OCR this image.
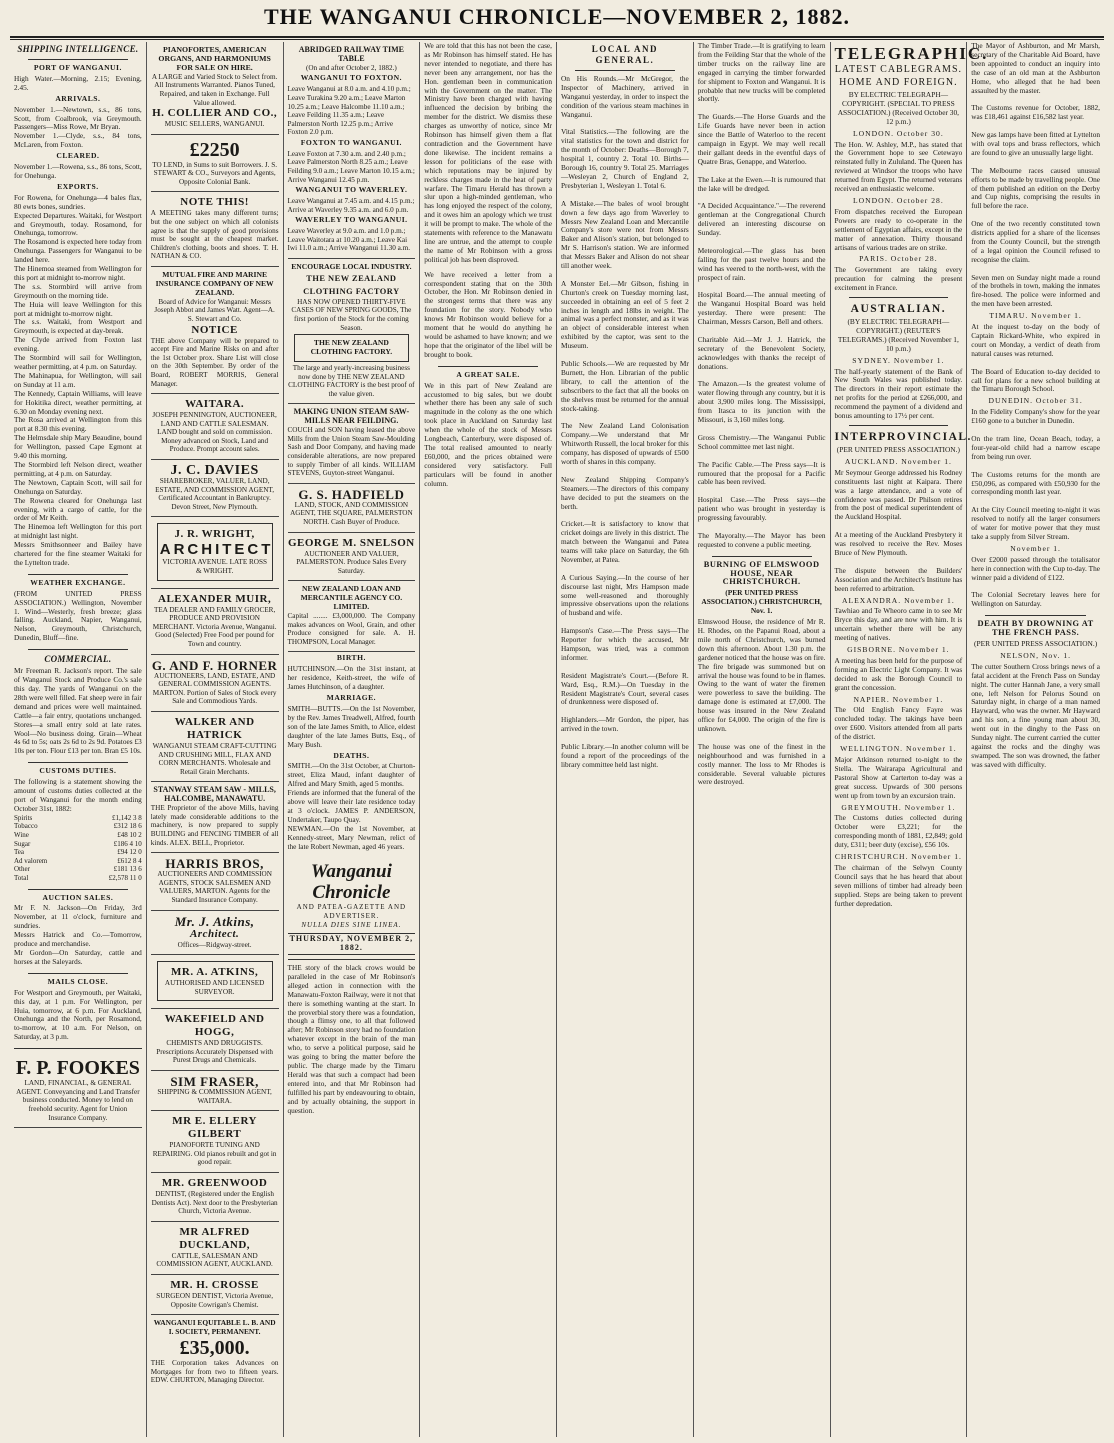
THE WANGANUI CHRONICLE—NOVEMBER 2, 1882.
SHIPPING INTELLIGENCE.
PORT OF WANGANUI.
High Water.—Morning, 2.15; Evening, 2.45.
ARRIVALS.
November 1.—Newtown, s.s., 86 tons, Scott, from Coalbrook, via Greymouth. Passengers—Miss Rowe, Mr Bryan.
November 1.—Clyde, s.s., 84 tons, McLaren, from Foxton.
CLEARED.
November 1.—Rowena, s.s., 86 tons, Scott, for Onehunga.
EXPORTS.
For Rowena, for Onehunga—4 bales flax, 80 ewts bones, sundries.
Expected Departures. Waitaki, for Westport and Greymouth, today. Rosamond, for Onehunga, tomorrow.
The Rosamond is expected here today from Onehunga. Passengers for Wanganui to be landed here.
The Hinemoa steamed from Wellington for this port at midnight to-morrow night.
The s.s. Stormbird will arrive from Greymouth on the morning tide.
The Huia will leave Wellington for this port at midnight to-morrow night.
The s.s. Waitaki, from Westport and Greymouth, is expected at day-break.
The Clyde arrived from Foxton last evening.
The Stormbird will sail for Wellington, weather permitting, at 4 p.m. on Saturday.
The Mahinapua, for Wellington, will sail on Sunday at 11 a.m.
The Kennedy, Captain Williams, will leave for Hokitika direct, weather permitting, at 6.30 on Monday evening next.
The Rosa arrived at Wellington from this port at 8.30 this evening.
The Helmsdale ship Mary Beaudine, bound for Wellington, passed Cape Egmont at 9.40 this morning.
The Stormbird left Nelson direct, weather permitting, at 4 p.m. on Saturday.
The Newtown, Captain Scott, will sail for Onehunga on Saturday.
The Rowena cleared for Onehunga last evening, with a cargo of cattle, for the order of Mr Keith.
The Hinemoa left Wellington for this port at midnight last night.
Messrs Smithsonneer and Bailey have chartered for the fine steamer Waitaki for the Lyttelton trade.
WEATHER EXCHANGE.
(FROM UNITED PRESS ASSOCIATION.) Wellington, November 1. Wind—Westerly, fresh breeze; glass falling. Auckland, Napier, Wanganui, Nelson, Greymouth, Christchurch, Dunedin, Bluff—fine.
COMMERCIAL.
Mr Freeman R. Jackson's report. The sale of Wanganui Stock and Produce Co.'s sale this day. The yards of Wanganui on the 28th were well filled. Fat sheep were in fair demand and prices were well maintained. Cattle—a fair entry, quotations unchanged. Stores—a small entry sold at late rates. Wool—No business doing. Grain—Wheat 4s 6d to 5s; oats 2s 6d to 2s 9d. Potatoes £3 10s per ton. Flour £13 per ton. Bran £5 10s.
CUSTOMS DUTIES.
The following is a statement showing the amount of customs duties collected at the port of Wanganui for the month ending October 31st, 1882:
Spirits	£1,142 3 8
Tobacco	£312 18 6
Wine	£48 10 2
Sugar	£186 4 10
Tea	£94 12 0
Ad valorem	£612 8 4
Other	£181 13 6
Total	£2,578 11 0
AUCTION SALES.
Mr F. N. Jackson—On Friday, 3rd November, at 11 o'clock, furniture and sundries.
Messrs Hatrick and Co.—Tomorrow, produce and merchandise.
Mr Gordon—On Saturday, cattle and horses at the Saleyards.
MAILS CLOSE.
For Westport and Greymouth, per Waitaki, this day, at 1 p.m. For Wellington, per Huia, tomorrow, at 6 p.m. For Auckland, Onehunga and the North, per Rosamond, to-morrow, at 10 a.m. For Nelson, on Saturday, at 3 p.m.
F. P. FOOKES
LAND, FINANCIAL, & GENERAL AGENT. Conveyancing and Land Transfer business conducted. Money to lend on freehold security. Agent for Union Insurance Company.
PIANOFORTES, AMERICAN ORGANS, AND HARMONIUMS FOR SALE ON HIRE.
A LARGE and Varied Stock to Select from. All Instruments Warranted. Pianos Tuned, Repaired, and taken in Exchange. Full Value allowed.
H. COLLIER AND CO.,
MUSIC SELLERS, WANGANUI.
£2250
TO LEND, in Sums to suit Borrowers. J. S. STEWART & CO., Surveyors and Agents, Opposite Colonial Bank.
NOTE THIS!
A MEETING takes many different turns; but the one subject on which all colonists agree is that the supply of good provisions must be sought at the cheapest market. Children's clothing, boots and shoes. T. H. NATHAN & CO.
MUTUAL FIRE AND MARINE INSURANCE COMPANY OF NEW ZEALAND.
Board of Advice for Wanganui: Messrs Joseph Abbot and James Watt. Agent—A. S. Stewart and Co.
NOTICE
THE above Company will be prepared to accept Fire and Marine Risks on and after the 1st October prox. Share List will close on the 30th September. By order of the Board, ROBERT MORRIS, General Manager.
WAITARA.
JOSEPH PENNINGTON, AUCTIONEER, LAND AND CATTLE SALESMAN. LAND bought and sold on commission. Money advanced on Stock, Land and Produce. Prompt account sales.
J. C. DAVIES
SHAREBROKER, VALUER, LAND, ESTATE, AND COMMISSION AGENT, Certificated Accountant in Bankruptcy. Devon Street, New Plymouth.
J. R. WRIGHT,
ARCHITECT
VICTORIA AVENUE. LATE ROSS & WRIGHT.
ALEXANDER MUIR,
TEA DEALER AND FAMILY GROCER, PRODUCE AND PROVISION MERCHANT. Victoria Avenue, Wanganui. Good (Selected) Free Food per pound for Town and country.
G. AND F. HORNER
AUCTIONEERS, LAND, ESTATE, AND GENERAL COMMISSION AGENTS. MARTON. Portion of Sales of Stock every Sale and Commodious Yards.
WALKER AND HATRICK
WANGANUI STEAM CRAFT-CUTTING AND CRUSHING MILL, FLAX AND CORN MERCHANTS. Wholesale and Retail Grain Merchants.
STANWAY STEAM SAW - MILLS, HALCOMBE, MANAWATU.
THE Proprietor of the above Mills, having lately made considerable additions to the machinery, is now prepared to supply BUILDING and FENCING TIMBER of all kinds. ALEX. BELL, Proprietor.
HARRIS BROS,
AUCTIONEERS AND COMMISSION AGENTS, STOCK SALESMEN AND VALUERS, MARTON. Agents for the Standard Insurance Company.
Mr. J. Atkins,
Architect.
Offices—Ridgway-street.
MR. A. ATKINS,
AUTHORISED AND LICENSED SURVEYOR.
WAKEFIELD AND HOGG,
CHEMISTS AND DRUGGISTS. Prescriptions Accurately Dispensed with Purest Drugs and Chemicals.
SIM FRASER,
SHIPPING & COMMISSION AGENT, WAITARA.
MR E. ELLERY GILBERT
PIANOFORTE TUNING AND REPAIRING. Old pianos rebuilt and got in good repair.
MR. GREENWOOD
DENTIST, (Registered under the English Dentists Act). Next door to the Presbyterian Church, Victoria Avenue.
MR ALFRED DUCKLAND,
CATTLE, SALESMAN AND COMMISSION AGENT, AUCKLAND.
MR. H. CROSSE
SURGEON DENTIST, Victoria Avenue, Opposite Cowrigan's Chemist.
WANGANUI EQUITABLE L. B. AND I. SOCIETY, PERMANENT.
£35,000.
THE Corporation takes Advances on Mortgages for from two to fifteen years. EDW. CHURTON, Managing Director.
ABRIDGED RAILWAY TIME TABLE
(On and after October 2, 1882.)
WANGANUI TO FOXTON.
Leave Wanganui at 8.0 a.m. and 4.10 p.m.; Leave Turakina 9.20 a.m.; Leave Marton 10.25 a.m.; Leave Halcombe 11.10 a.m.; Leave Feilding 11.35 a.m.; Leave Palmerston North 12.25 p.m.; Arrive Foxton 2.0 p.m.
FOXTON TO WANGANUI.
Leave Foxton at 7.30 a.m. and 2.40 p.m.; Leave Palmerston North 8.25 a.m.; Leave Feilding 9.0 a.m.; Leave Marton 10.15 a.m.; Arrive Wanganui 12.45 p.m.
WANGANUI TO WAVERLEY.
Leave Wanganui at 7.45 a.m. and 4.15 p.m.; Arrive at Waverley 9.35 a.m. and 6.0 p.m.
WAVERLEY TO WANGANUI.
Leave Waverley at 9.0 a.m. and 1.0 p.m.; Leave Waitotara at 10.20 a.m.; Leave Kai Iwi 11.0 a.m.; Arrive Wanganui 11.30 a.m.
ENCOURAGE LOCAL INDUSTRY.
THE NEW ZEALAND CLOTHING FACTORY
HAS NOW OPENED THIRTY-FIVE CASES OF NEW SPRING GOODS, The first portion of the Stock for the coming Season.
THE NEW ZEALAND CLOTHING FACTORY.
The large and yearly-increasing business now done by THE NEW ZEALAND CLOTHING FACTORY is the best proof of the value given.
MAKING UNION STEAM SAW-MILLS NEAR FEILDING.
COUCH and SON having leased the above Mills from the Union Steam Saw-Moulding Sash and Door Company, and having made considerable alterations, are now prepared to supply Timber of all kinds. WILLIAM STEVENS, Guyton-street Wanganui.
G. S. HADFIELD
LAND, STOCK, AND COMMISSION AGENT, THE SQUARE, PALMERSTON NORTH. Cash Buyer of Produce.
GEORGE M. SNELSON
AUCTIONEER AND VALUER, PALMERSTON. Produce Sales Every Saturday.
NEW ZEALAND LOAN AND MERCANTILE AGENCY CO. LIMITED.
Capital ........ £3,000,000. The Company makes advances on Wool, Grain, and other Produce consigned for sale. A. H. THOMPSON, Local Manager.
BIRTH.
HUTCHINSON.—On the 31st instant, at her residence, Keith-street, the wife of James Hutchinson, of a daughter.
MARRIAGE.
SMITH—BUTTS.—On the 1st November, by the Rev. James Treadwell, Alfred, fourth son of the late James Smith, to Alice, eldest daughter of the late James Butts, Esq., of Mary Bush.
DEATHS.
SMITH.—On the 31st October, at Churton-street, Eliza Maud, infant daughter of Alfred and Mary Smith, aged 5 months.
Friends are informed that the funeral of the above will leave their late residence today at 3 o'clock. JAMES P. ANDERSON, Undertaker, Taupo Quay.
NEWMAN.—On the 1st November, at Kennedy-street, Mary Newman, relict of the late Robert Newman, aged 46 years.
Wanganui Chronicle
AND PATEA-GAZETTE AND ADVERTISER.
NULLA DIES SINE LINEA.
THURSDAY, NOVEMBER 2, 1882.
THE story of the black crows would be paralleled in the case of Mr Robinson's alleged action in connection with the Manawatu-Foxton Railway, were it not that there is something wanting at the start. In the proverbial story there was a foundation, though a flimsy one, to all that followed after; Mr Robinson story had no foundation whatever except in the brain of the man who, to serve a political purpose, said he was going to bring the matter before the public. The charge made by the Timaru Herald was that such a compact had been entered into, and that Mr Robinson had fulfilled his part by endeavouring to obtain, and by actually obtaining, the support in question.
We are told that this has not been the case, as Mr Robinson has himself stated. He has never intended to negotiate, and there has never been any arrangement, nor has the Hon. gentleman been in communication with the Government on the matter. The Ministry have been charged with having influenced the decision by bribing the member for the district. We dismiss these charges as unworthy of notice, since Mr Robinson has himself given them a flat contradiction and the Government have done likewise. The incident remains a lesson for politicians of the ease with which reputations may be injured by reckless charges made in the heat of party warfare. The Timaru Herald has thrown a slur upon a high-minded gentleman, who has long enjoyed the respect of the colony, and it owes him an apology which we trust it will be prompt to make. The whole of the statements with reference to the Manawatu line are untrue, and the attempt to couple the name of Mr Robinson with a gross political job has been disproved.
We have received a letter from a correspondent stating that on the 30th October, the Hon. Mr Robinson denied in the strongest terms that there was any foundation for the story. Nobody who knows Mr Robinson would believe for a moment that he would do anything he would be ashamed to have known; and we hope that the originator of the libel will be brought to book.
A GREAT SALE.
We in this part of New Zealand are accustomed to big sales, but we doubt whether there has been any sale of such magnitude in the colony as the one which took place in Auckland on Saturday last when the whole of the stock of Messrs Longbeach, Canterbury, were disposed of. The total realised amounted to nearly £60,000, and the prices obtained were considered very satisfactory. Full particulars will be found in another column.
LOCAL AND GENERAL.
On His Rounds.—Mr McGregor, the Inspector of Machinery, arrived in Wanganui yesterday, in order to inspect the condition of the various steam machines in Wanganui.

Vital Statistics.—The following are the vital statistics for the town and district for the month of October: Deaths—Borough 7, hospital 1, country 2. Total 10. Births—Borough 16, country 9. Total 25. Marriages—Wesleyan 2, Church of England 2, Presbyterian 1, Wesleyan 1. Total 6.

A Mistake.—The bales of wool brought down a few days ago from Waverley to Messrs New Zealand Loan and Mercantile Company's store were not from Messrs Baker and Alison's station, but belonged to Mr S. Harrison's station. We are informed that Messrs Baker and Alison do not shear till another week.

A Monster Eel.—Mr Gibson, fishing in Churton's creek on Tuesday morning last, succeeded in obtaining an eel of 5 feet 2 inches in length and 18lbs in weight. The animal was a perfect monster, and as it was an object of considerable interest when exhibited by the captor, was sent to the Museum.

Public Schools.—We are requested by Mr Burnett, the Hon. Librarian of the public library, to call the attention of the subscribers to the fact that all the books on the shelves must be returned for the annual stock-taking.

The New Zealand Land Colonisation Company.—We understand that Mr Whitworth Russell, the local broker for this company, has disposed of upwards of £500 worth of shares in this company.

New Zealand Shipping Company's Steamers.—The directors of this company have decided to put the steamers on the berth.

Cricket.—It is satisfactory to know that cricket doings are lively in this district. The match between the Wanganui and Patea teams will take place on Saturday, the 6th November, at Patea.

A Curious Saying.—In the course of her discourse last night, Mrs Hampson made some well-reasoned and thoroughly impressive observations upon the relations of husband and wife.

Hampson's Case.—The Press says—The Reporter for which the accused, Mr Hampson, was tried, was a common informer.

Resident Magistrate's Court.—(Before R. Ward, Esq., R.M.)—On Tuesday in the Resident Magistrate's Court, several cases of drunkenness were disposed of.

Highlanders.—Mr Gordon, the piper, has arrived in the town.

Public Library.—In another column will be found a report of the proceedings of the library committee held last night.
The Timber Trade.—It is gratifying to learn from the Feilding Star that the whole of the timber trucks on the railway line are engaged in carrying the timber forwarded for shipment to Foxton and Wanganui. It is probable that new trucks will be completed shortly.

The Guards.—The Horse Guards and the Life Guards have never been in action since the Battle of Waterloo to the recent campaign in Egypt. We may well recall their gallant deeds in the eventful days of Quatre Bras, Genappe, and Waterloo.

The Lake at the Ewen.—It is rumoured that the lake will be dredged.

"A Decided Acquaintance."—The reverend gentleman at the Congregational Church delivered an interesting discourse on Sunday.

Meteorological.—The glass has been falling for the past twelve hours and the wind has veered to the north-west, with the prospect of rain.

Hospital Board.—The annual meeting of the Wanganui Hospital Board was held yesterday. There were present: The Chairman, Messrs Carson, Bell and others.

Charitable Aid.—Mr J. J. Hatrick, the secretary of the Benevolent Society, acknowledges with thanks the receipt of donations.

The Amazon.—Is the greatest volume of water flowing through any country, but it is about 3,900 miles long. The Mississippi, from Itasca to its junction with the Missouri, is 3,160 miles long.

Gross Chemistry.—The Wanganui Public School committee met last night.

The Pacific Cable.—The Press says—It is rumoured that the proposal for a Pacific cable has been revived.

Hospital Case.—The Press says—the patient who was brought in yesterday is progressing favourably.

The Mayoralty.—The Mayor has been requested to convene a public meeting.
BURNING OF ELMSWOOD HOUSE, NEAR CHRISTCHURCH.
(PER UNITED PRESS ASSOCIATION.) CHRISTCHURCH, Nov. 1.
Elmswood House, the residence of Mr R. H. Rhodes, on the Papanui Road, about a mile north of Christchurch, was burned down this afternoon. About 1.30 p.m. the gardener noticed that the house was on fire. The fire brigade was summoned but on arrival the house was found to be in flames. Owing to the want of water the firemen were powerless to save the building. The damage done is estimated at £7,000. The house was insured in the New Zealand office for £4,000. The origin of the fire is unknown.

The house was one of the finest in the neighbourhood and was furnished in a costly manner. The loss to Mr Rhodes is considerable. Several valuable pictures were destroyed.
TELEGRAPHIC.
LATEST CABLEGRAMS.
HOME AND FOREIGN.
BY ELECTRIC TELEGRAPH—COPYRIGHT. (SPECIAL TO PRESS ASSOCIATION.) (Received October 30, 12 p.m.)
LONDON. October 30.
The Hon. W. Ashley, M.P., has stated that the Government hope to see Cetewayo reinstated fully in Zululand. The Queen has reviewed at Windsor the troops who have returned from Egypt. The returned veterans received an enthusiastic welcome.
LONDON. October 28.
From dispatches received the European Powers are ready to co-operate in the settlement of Egyptian affairs, except in the matter of annexation. Thirty thousand artisans of various trades are on strike.
PARIS. October 28.
The Government are taking every precaution for calming the present excitement in France.
AUSTRALIAN.
(BY ELECTRIC TELEGRAPH—COPYRIGHT.) (REUTER'S TELEGRAMS.) (Received November 1, 10 p.m.)
SYDNEY. November 1.
The half-yearly statement of the Bank of New South Wales was published today. The directors in their report estimate the net profits for the period at £266,000, and recommend the payment of a dividend and bonus amounting to 17½ per cent.
INTERPROVINCIAL.
(PER UNITED PRESS ASSOCIATION.)
AUCKLAND. November 1.
Mr Seymour George addressed his Rodney constituents last night at Kaipara. There was a large attendance, and a vote of confidence was passed. Dr Philson retires from the post of medical superintendent of the Auckland Hospital.

At a meeting of the Auckland Presbytery it was resolved to receive the Rev. Moses Bruce of New Plymouth.

The dispute between the Builders' Association and the Architect's Institute has been referred to arbitration.
ALEXANDRA. November 1.
Tawhiao and Te Wheoro came in to see Mr Bryce this day, and are now with him. It is uncertain whether there will be any meeting of natives.
GISBORNE. November 1.
A meeting has been held for the purpose of forming an Electric Light Company. It was decided to ask the Borough Council to grant the concession.
NAPIER. November 1.
The Old English Fancy Fayre was concluded today. The takings have been over £600. Visitors attended from all parts of the district.
WELLINGTON. November 1.
Major Atkinson returned to-night to the Stella. The Wairarapa Agricultural and Pastoral Show at Carterton to-day was a great success. Upwards of 300 persons went up from town by an excursion train.
GREYMOUTH. November 1.
The Customs duties collected during October were £3,221; for the corresponding month of 1881, £2,849; gold duty, £311; beer duty (excise), £56 10s.
CHRISTCHURCH. November 1.
The chairman of the Selwyn County Council says that he has heard that about seven millions of timber had already been supplied. Steps are being taken to prevent further depredation.
The Mayor of Ashburton, and Mr Marsh, secretary of the Charitable Aid Board, have been appointed to conduct an inquiry into the case of an old man at the Ashburton Home, who alleged that he had been assaulted by the master.

The Customs revenue for October, 1882, was £18,461 against £16,582 last year.

New gas lamps have been fitted at Lyttelton with oval tops and brass reflectors, which are found to give an unusually large light.

The Melbourne races caused unusual efforts to be made by travelling people. One of them published an edition on the Derby and Cup nights, comprising the results in full before the race.

One of the two recently constituted town districts applied for a share of the licenses from the County Council, but the strength of a legal opinion the Council refused to recognise the claim.

Seven men on Sunday night made a round of the brothels in town, making the inmates fire-hosed. The police were informed and the men have been arrested.
TIMARU. November 1.
At the inquest to-day on the body of Captain Rickard-White, who expired in court on Monday, a verdict of death from natural causes was returned.

The Board of Education to-day decided to call for plans for a new school building at the Timaru Borough School.
DUNEDIN. October 31.
In the Fidelity Company's show for the year £160 gone to a butcher in Dunedin.

On the tram line, Ocean Beach, today, a four-year-old child had a narrow escape from being run over.

The Customs returns for the month are £50,096, as compared with £50,930 for the corresponding month last year.

At the City Council meeting to-night it was resolved to notify all the larger consumers of water for motive power that they must take a supply from Silver Stream.
November 1.
Over £2000 passed through the totalisator here in connection with the Cup to-day. The winner paid a dividend of £122.

The Colonial Secretary leaves here for Wellington on Saturday.
DEATH BY DROWNING AT THE FRENCH PASS.
(PER UNITED PRESS ASSOCIATION.)
NELSON, Nov. 1.
The cutter Southern Cross brings news of a fatal accident at the French Pass on Sunday night. The cutter Hannah Jane, a very small one, left Nelson for Pelorus Sound on Saturday night, in charge of a man named Hayward, who was the owner. Mr Hayward and his son, a fine young man about 30, went out in the dinghy to the Pass on Sunday night. The current carried the cutter against the rocks and the dinghy was swamped. The son was drowned, the father was saved with difficulty.
